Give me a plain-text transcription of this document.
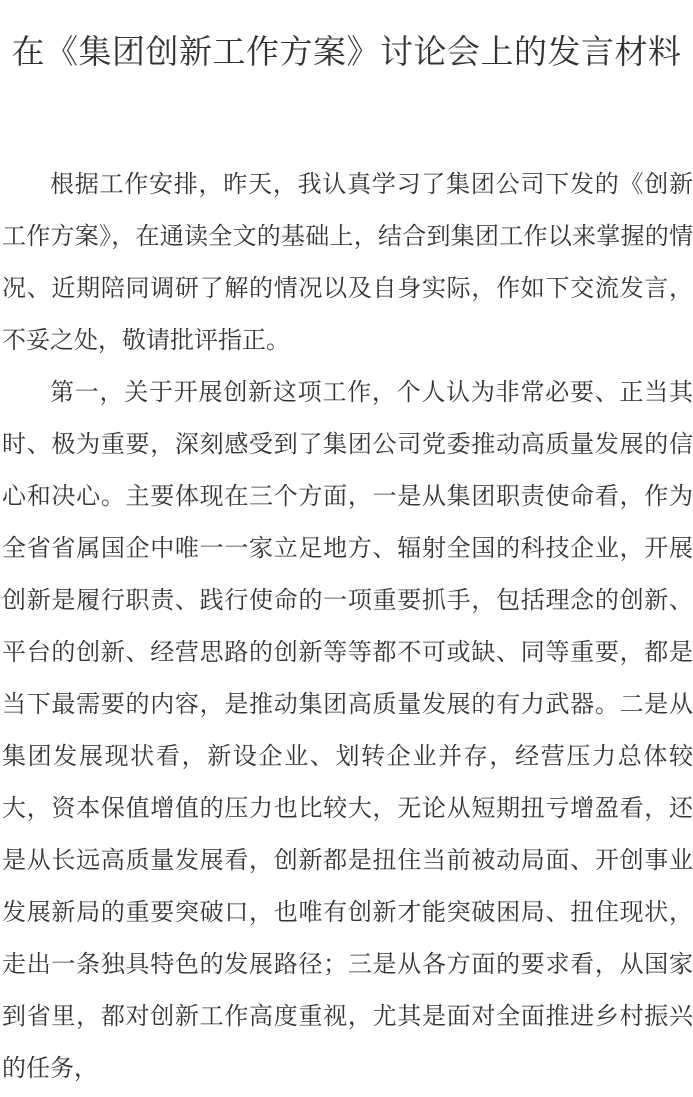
在《集团创新工作方案》讨论会上的发言材料

根据工作安排，昨天，我认真学习了集团公司下发的《创新工作方案》，在通读全文的基础上，结合到集团工作以来掌握的情况、近期陪同调研了解的情况以及自身实际，作如下交流发言，不妥之处，敬请批评指正。

第一，关于开展创新这项工作，个人认为非常必要、正当其时、极为重要，深刻感受到了集团公司党委推动高质量发展的信心和决心。主要体现在三个方面，一是从集团职责使命看，作为全省省属国企中唯一一家立足地方、辐射全国的科技企业，开展创新是履行职责、践行使命的一项重要抓手，包括理念的创新、平台的创新、经营思路的创新等等都不可或缺、同等重要，都是当下最需要的内容，是推动集团高质量发展的有力武器。二是从集团发展现状看，新设企业、划转企业并存，经营压力总体较大，资本保值增值的压力也比较大，无论从短期扭亏增盈看，还是从长远高质量发展看，创新都是扭住当前被动局面、开创事业发展新局的重要突破口，也唯有创新才能突破困局、扭住现状，走出一条独具特色的发展路径；三是从各方面的要求看，从国家到省里，都对创新工作高度重视，尤其是面对全面推进乡村振兴的任务，
